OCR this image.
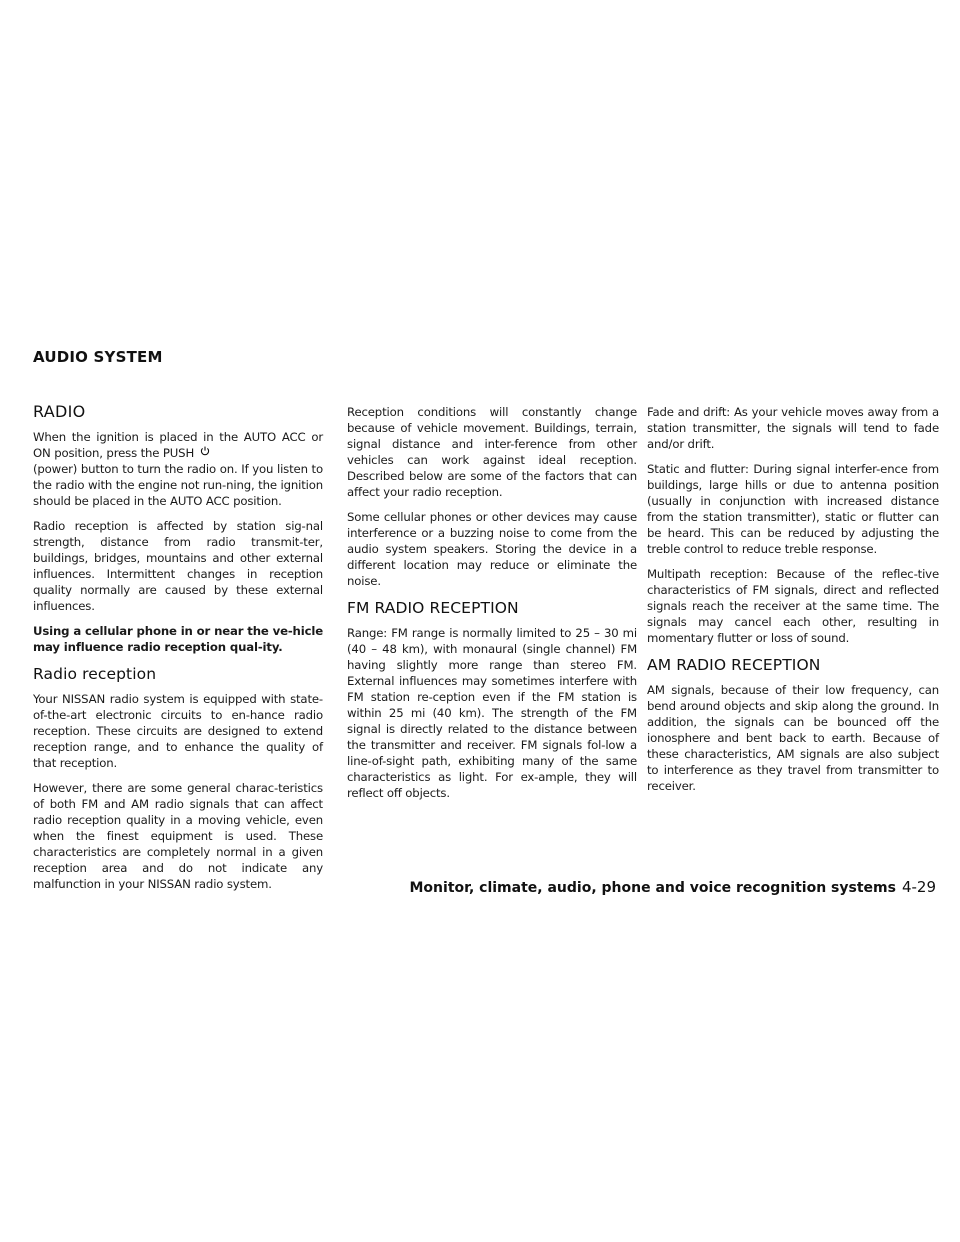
AUDIO SYSTEM
RADIO

When the ignition is placed in the AUTO ACC or ON position, press the PUSH

(power) button to turn the radio on. If you listen to the radio with the engine not run-ning, the ignition should be placed in the AUTO ACC position.

Radio reception is affected by station sig-nal strength, distance from radio transmit-ter, buildings, bridges, mountains and other external influences. Intermittent changes in reception quality normally are caused by these external influences.

Using a cellular phone in or near the ve-hicle may influence radio reception qual-ity.

Radio reception

Your NISSAN radio system is equipped with state-of-the-art electronic circuits to en-hance radio reception. These circuits are designed to extend reception range, and to enhance the quality of that reception.

However, there are some general charac-teristics of both FM and AM radio signals that can affect radio reception quality in a moving vehicle, even when the finest equipment is used. These characteristics are completely normal in a given reception area and do not indicate any malfunction in your NISSAN radio system.

Reception conditions will constantly change because of vehicle movement. Buildings, terrain, signal distance and inter-ference from other vehicles can work against ideal reception. Described below are some of the factors that can affect your radio reception.

Some cellular phones or other devices may cause interference or a buzzing noise to come from the audio system speakers. Storing the device in a different location may reduce or eliminate the noise.

FM RADIO RECEPTION

Range: FM range is normally limited to 25 – 30 mi (40 – 48 km), with monaural (single channel) FM having slightly more range than stereo FM. External influences may sometimes interfere with FM station re-ception even if the FM station is within 25 mi (40 km). The strength of the FM signal is directly related to the distance between the transmitter and receiver. FM signals fol-low a line-of-sight path, exhibiting many of the same characteristics as light. For ex-ample, they will reflect off objects.

Fade and drift: As your vehicle moves away from a station transmitter, the signals will tend to fade and/or drift.

Static and flutter: During signal interfer-ence from buildings, large hills or due to antenna position (usually in conjunction with increased distance from the station transmitter), static or flutter can be heard. This can be reduced by adjusting the treble control to reduce treble response.

Multipath reception: Because of the reflec-tive characteristics of FM signals, direct and reflected signals reach the receiver at the same time. The signals may cancel each other, resulting in momentary flutter or loss of sound.

AM RADIO RECEPTION

AM signals, because of their low frequency, can bend around objects and skip along the ground. In addition, the signals can be bounced off the ionosphere and bent back to earth. Because of these characteristics, AM signals are also subject to interference as they travel from transmitter to receiver.

Monitor, climate, audio, phone and voice recognition systems 4-29
